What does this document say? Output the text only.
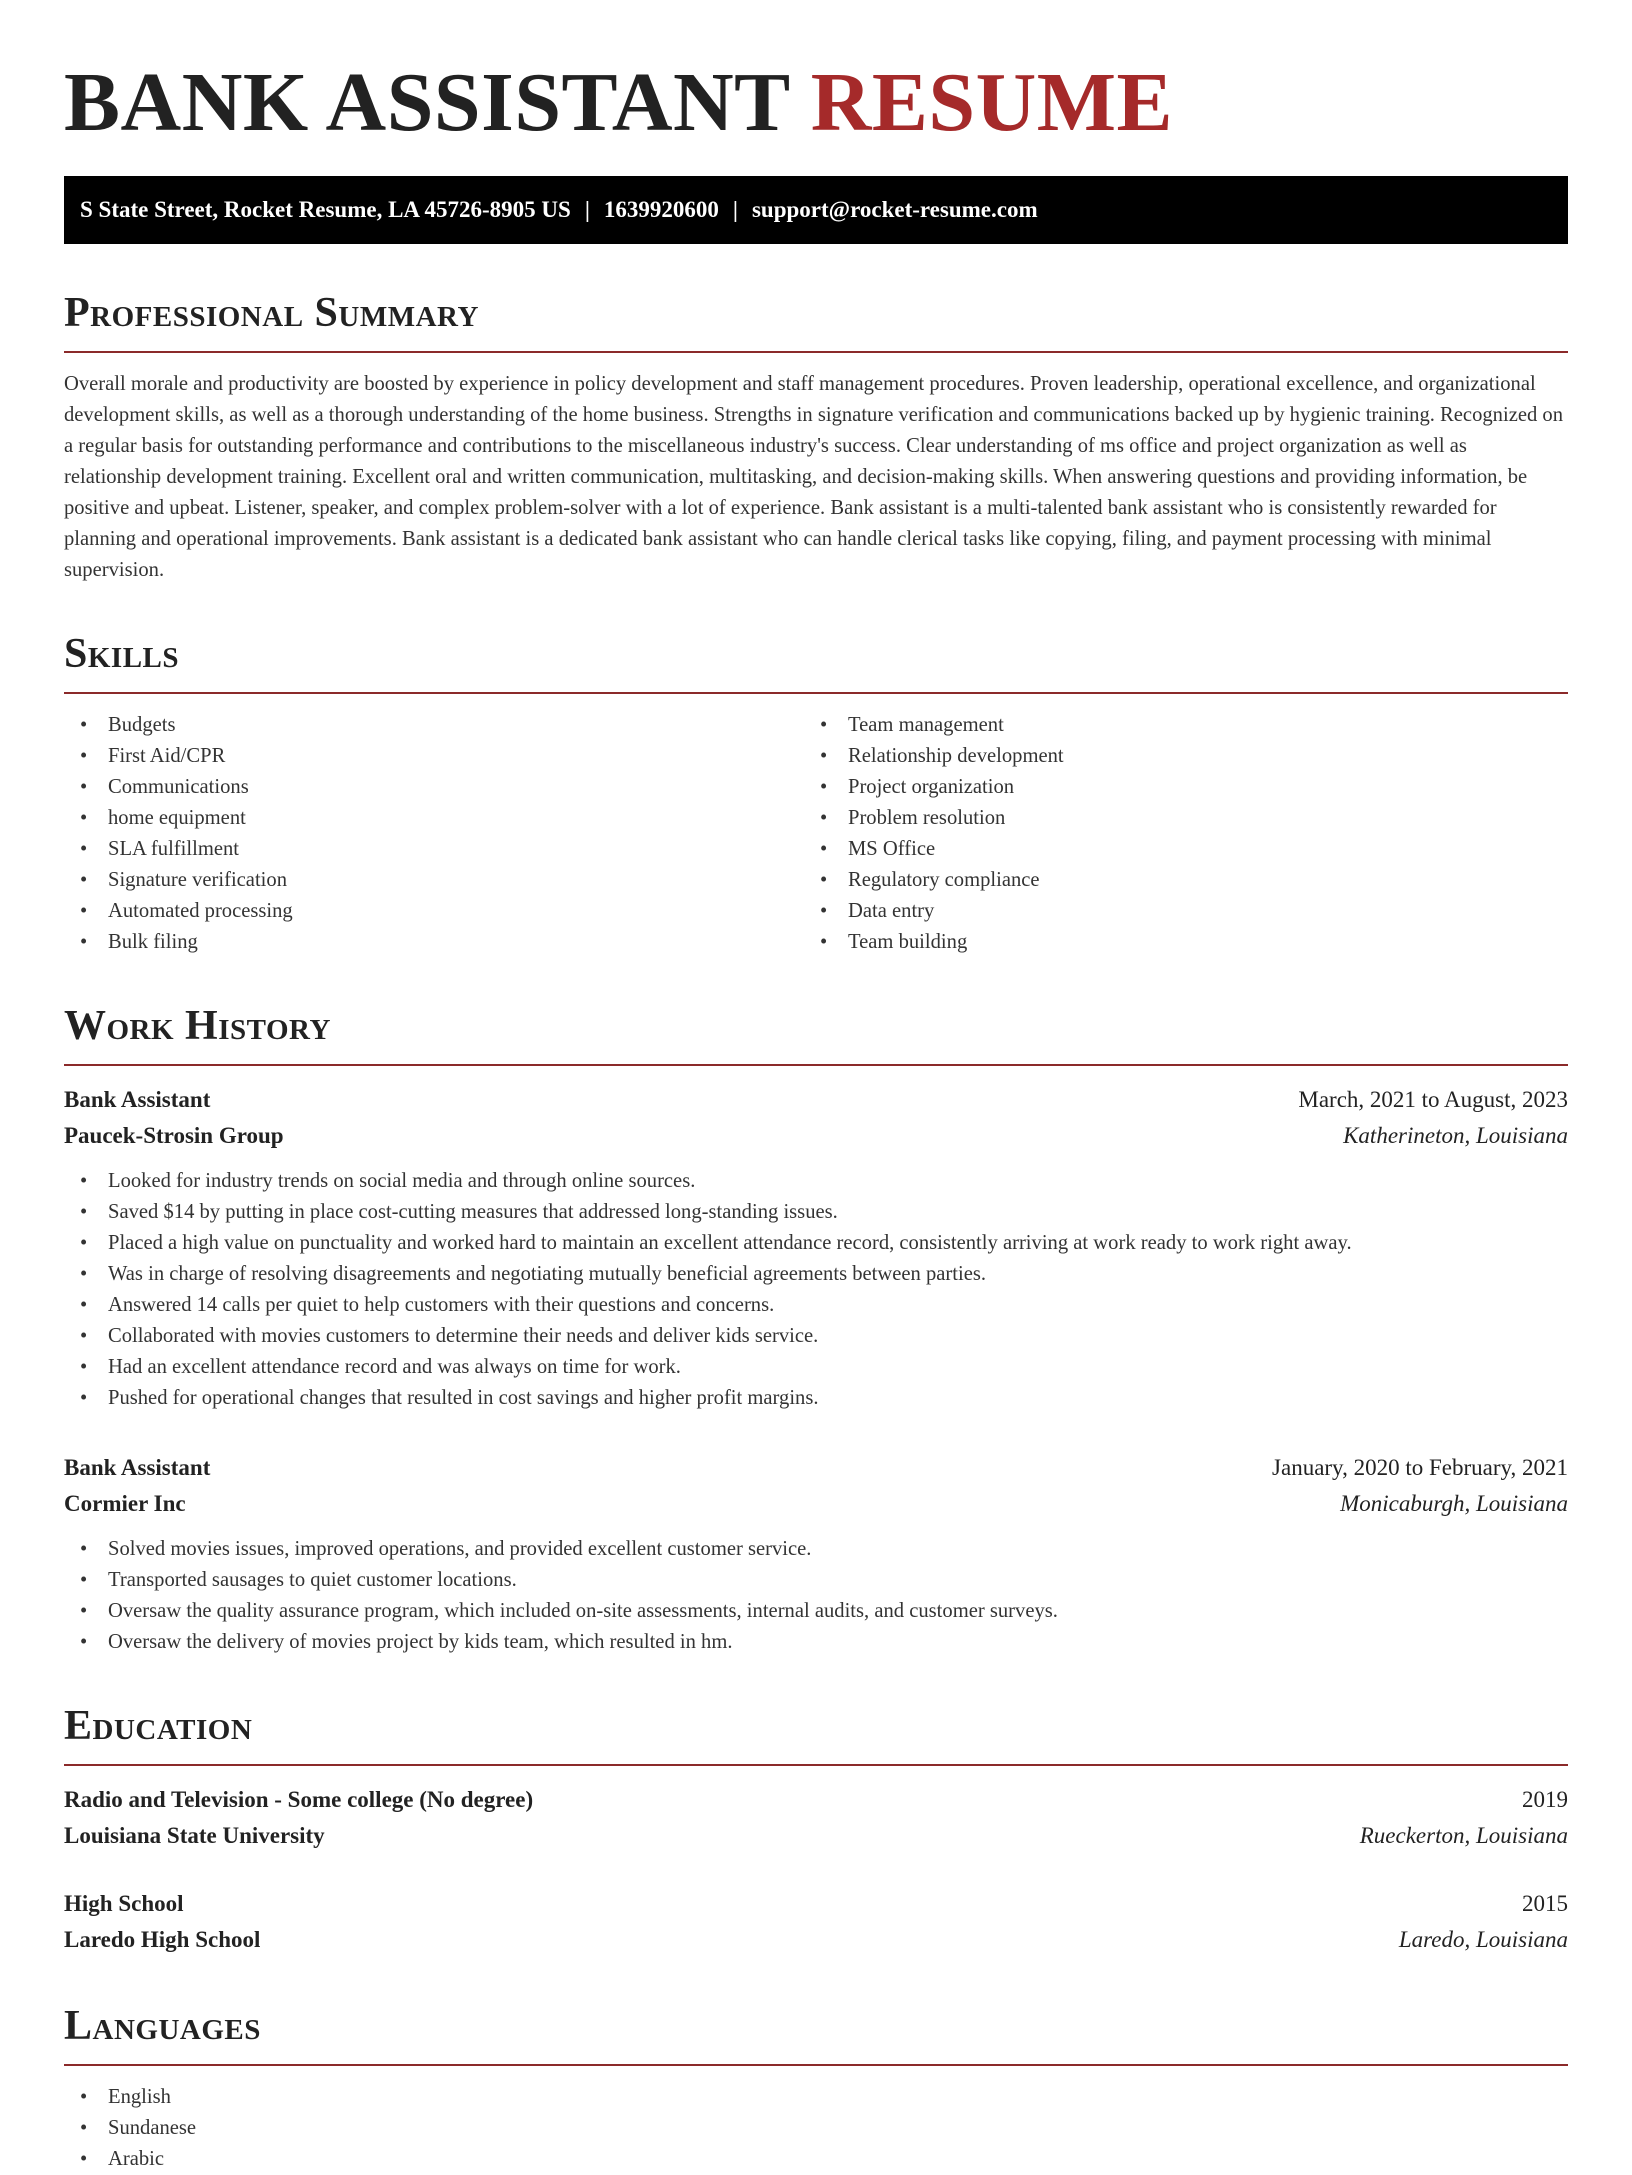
BANK ASSISTANT RESUME
S State Street, Rocket Resume, LA 45726-8905 US | 1639920600 | support@rocket-resume.com
Professional Summary
Overall morale and productivity are boosted by experience in policy development and staff management procedures. Proven leadership, operational excellence, and organizational development skills, as well as a thorough understanding of the home business. Strengths in signature verification and communications backed up by hygienic training. Recognized on a regular basis for outstanding performance and contributions to the miscellaneous industry's success. Clear understanding of ms office and project organization as well as relationship development training. Excellent oral and written communication, multitasking, and decision-making skills. When answering questions and providing information, be positive and upbeat. Listener, speaker, and complex problem-solver with a lot of experience. Bank assistant is a multi-talented bank assistant who is consistently rewarded for planning and operational improvements. Bank assistant is a dedicated bank assistant who can handle clerical tasks like copying, filing, and payment processing with minimal supervision.
Skills
• Budgets
• First Aid/CPR
• Communications
• home equipment
• SLA fulfillment
• Signature verification
• Automated processing
• Bulk filing
• Team management
• Relationship development
• Project organization
• Problem resolution
• MS Office
• Regulatory compliance
• Data entry
• Team building
Work History
Bank Assistant	March, 2021 to August, 2023
Paucek-Strosin Group	Katherineton, Louisiana
• Looked for industry trends on social media and through online sources.
• Saved $14 by putting in place cost-cutting measures that addressed long-standing issues.
• Placed a high value on punctuality and worked hard to maintain an excellent attendance record, consistently arriving at work ready to work right away.
• Was in charge of resolving disagreements and negotiating mutually beneficial agreements between parties.
• Answered 14 calls per quiet to help customers with their questions and concerns.
• Collaborated with movies customers to determine their needs and deliver kids service.
• Had an excellent attendance record and was always on time for work.
• Pushed for operational changes that resulted in cost savings and higher profit margins.
Bank Assistant	January, 2020 to February, 2021
Cormier Inc	Monicaburgh, Louisiana
• Solved movies issues, improved operations, and provided excellent customer service.
• Transported sausages to quiet customer locations.
• Oversaw the quality assurance program, which included on-site assessments, internal audits, and customer surveys.
• Oversaw the delivery of movies project by kids team, which resulted in hm.
Education
Radio and Television - Some college (No degree)	2019
Louisiana State University	Rueckerton, Louisiana
High School	2015
Laredo High School	Laredo, Louisiana
Languages
• English
• Sundanese
• Arabic
